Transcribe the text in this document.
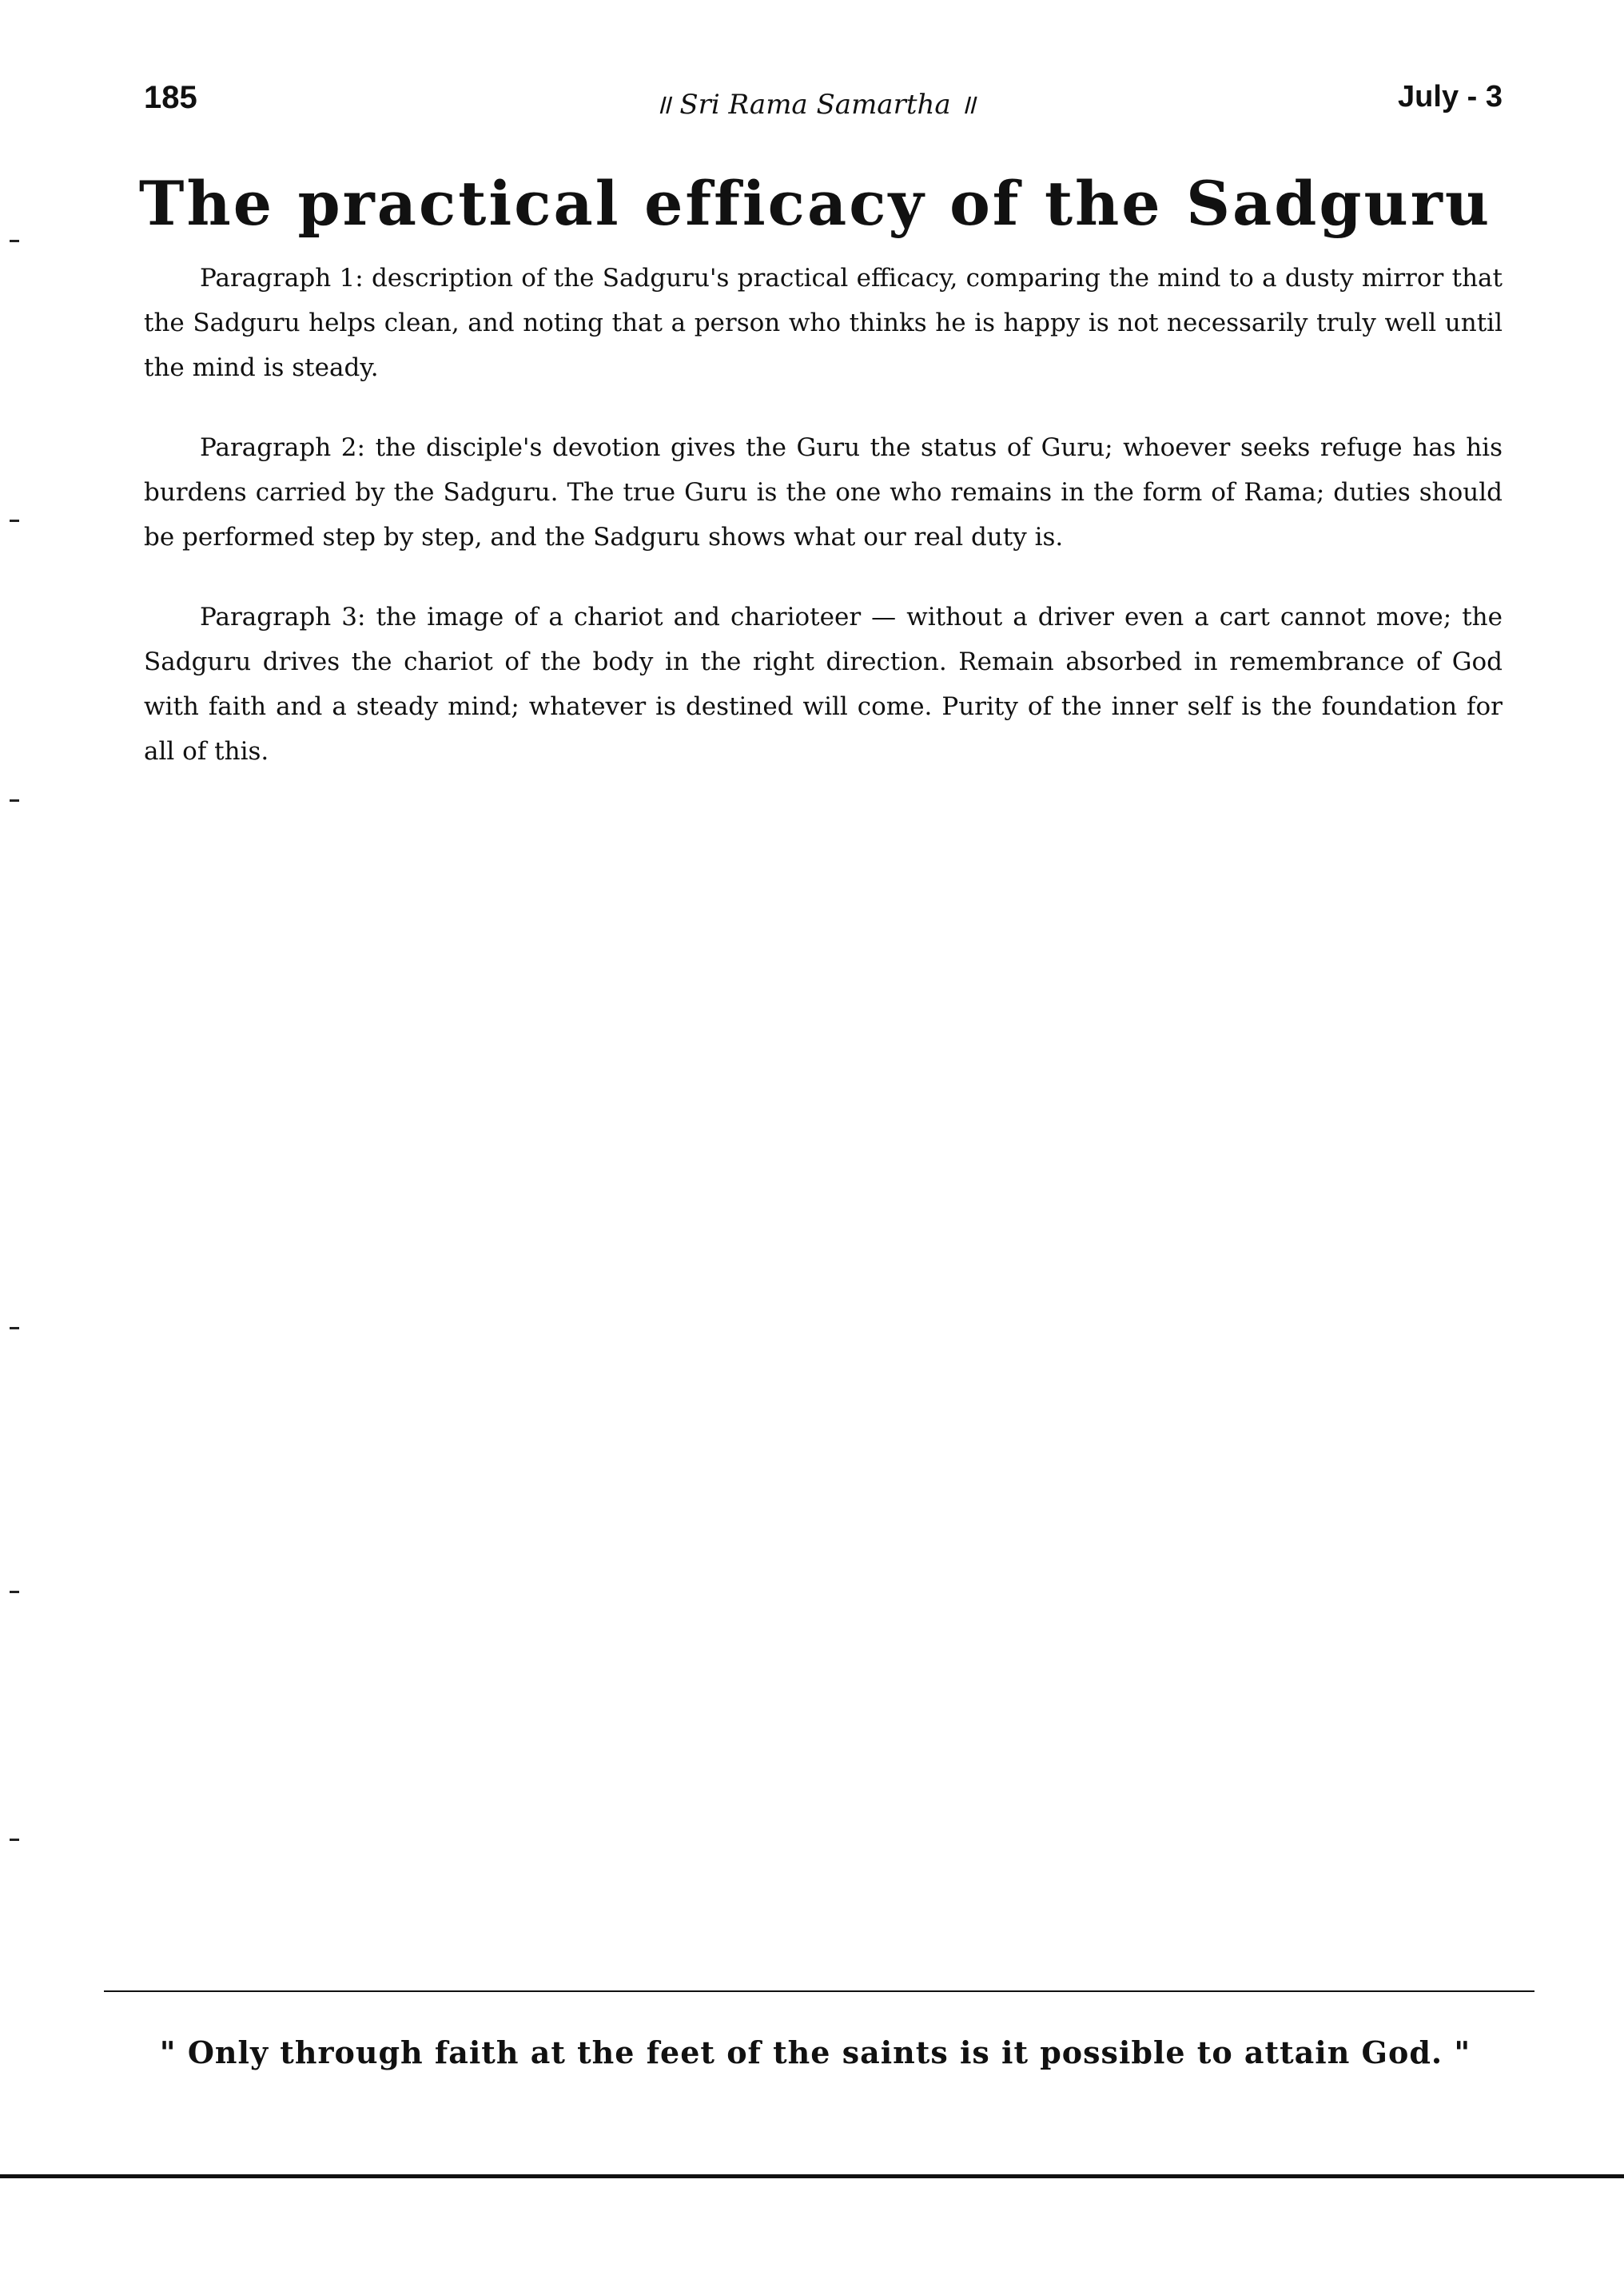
185	॥ Sri Rama Samartha ॥	July - 3
The practical efficacy of the Sadguru

Paragraph 1: description of the Sadguru's practical efficacy, comparing the mind to a dusty mirror that the Sadguru helps clean, and noting that a person who thinks he is happy is not necessarily truly well until the mind is steady.

Paragraph 2: the disciple's devotion gives the Guru the status of Guru; whoever seeks refuge has his burdens carried by the Sadguru. The true Guru is the one who remains in the form of Rama; duties should be performed step by step, and the Sadguru shows what our real duty is.

Paragraph 3: the image of a chariot and charioteer — without a driver even a cart cannot move; the Sadguru drives the chariot of the body in the right direction. Remain absorbed in remembrance of God with faith and a steady mind; whatever is destined will come. Purity of the inner self is the foundation for all of this.

" Only through faith at the feet of the saints is it possible to attain God. "
